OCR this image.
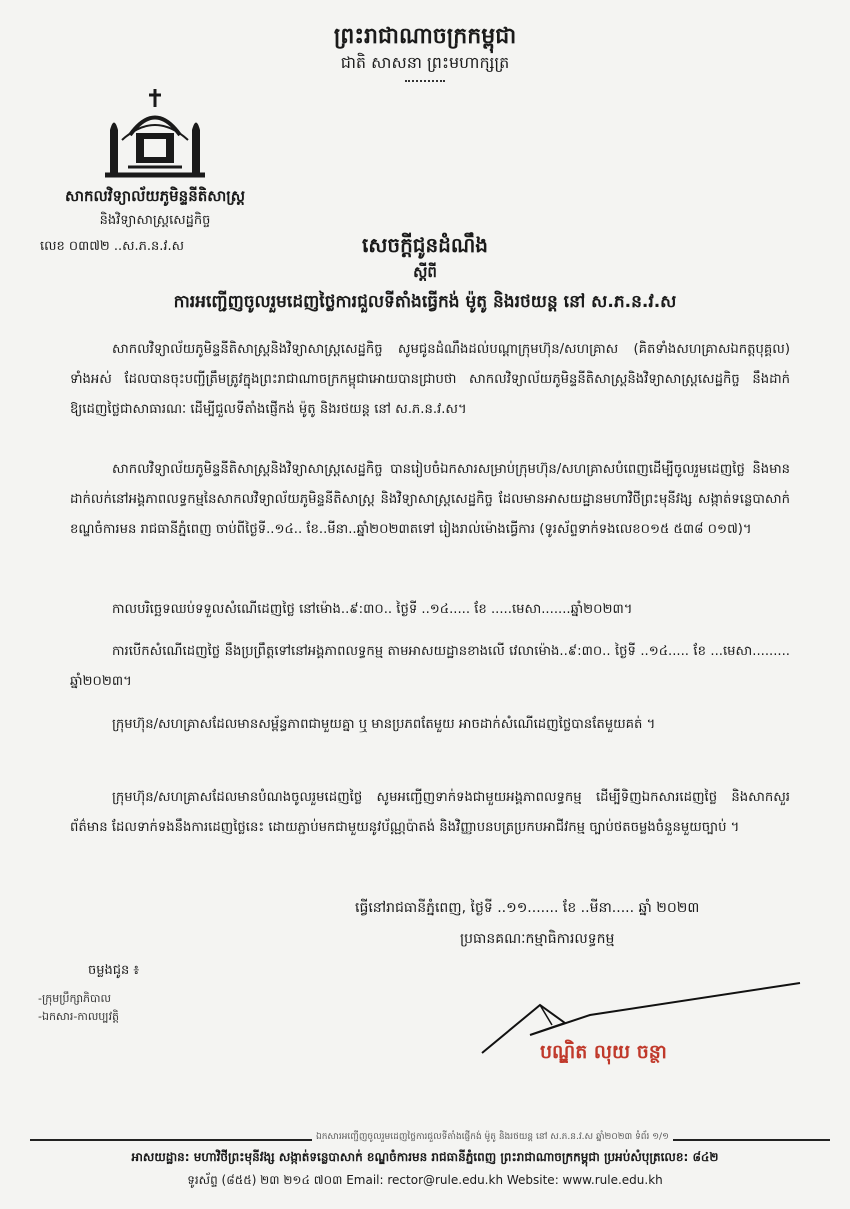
ព្រះរាជាណាចក្រកម្ពុជា
ជាតិ សាសនា ព្រះមហាក្សត្រ
សាកលវិទ្យាល័យភូមិន្ទនីតិសាស្ត្រ
និងវិទ្យាសាស្ត្រសេដ្ឋកិច្ច
លេខ ០៣៧២ ..ស.ភ.ន.វ.ស	សេចក្តីជូនដំណឹង
ស្តីពី
ការអញ្ជើញចូលរួមដេញថ្លៃការជួលទីតាំងធ្វើកង់ ម៉ូតូ និងរថយន្ត នៅ ស.ភ.ន.វ.ស
សាកលវិទ្យាល័យភូមិន្ទនីតិសាស្ត្រនិងវិទ្យាសាស្ត្រសេដ្ឋកិច្ច សូមជូនដំណឹងដល់បណ្តាក្រុមហ៊ុន/សហគ្រាស (គិតទាំងសហគ្រាសឯកត្តបុគ្គល) ទាំងអស់ ដែលបានចុះបញ្ជីត្រឹមត្រូវក្នុងព្រះរាជាណាចក្រកម្ពុជាអោយបានជ្រាបថា សាកលវិទ្យាល័យភូមិន្ទនីតិសាស្ត្រនិងវិទ្យាសាស្ត្រសេដ្ឋកិច្ច នឹងដាក់ឱ្យដេញថ្លៃជាសាធារណៈ ដើម្បីជួលទីតាំងផ្ញើកង់ ម៉ូតូ និងរថយន្ត នៅ ស.ភ.ន.វ.ស។
សាកលវិទ្យាល័យភូមិន្ទនីតិសាស្ត្រនិងវិទ្យាសាស្ត្រសេដ្ឋកិច្ច បានរៀបចំឯកសារសម្រាប់ក្រុមហ៊ុន/សហគ្រាសបំពេញដើម្បីចូលរួមដេញថ្លៃ និងមានដាក់លក់នៅអង្គភាពលទ្ធកម្មនៃសាកលវិទ្យាល័យភូមិន្ទនីតិសាស្ត្រ និងវិទ្យាសាស្ត្រសេដ្ឋកិច្ច ដែលមានអាសយដ្ឋានមហាវិថីព្រះមុនីវង្ស សង្កាត់ទន្លេបាសាក់ ខណ្ឌចំការមន រាជធានីភ្នំពេញ ចាប់ពីថ្ងៃទី..១៤.. ខែ..មីនា..ឆ្នាំ២០២៣តទៅ រៀងរាល់ម៉ោងធ្វើការ (ទូរស័ព្ទទាក់ទងលេខ០១៥ ៥៣៨ ០១៧)។
កាលបរិច្ឆេទឈប់ទទួលសំណើដេញថ្លៃ នៅម៉ោង..៩:៣០.. ថ្ងៃទី ..១៤..... ខែ .....មេសា.......ឆ្នាំ២០២៣។
ការបើកសំណើដេញថ្លៃ នឹងប្រព្រឹត្តទៅនៅអង្គភាពលទ្ធកម្ម តាមអាសយដ្ឋានខាងលើ វេលាម៉ោង..៩:៣០.. ថ្ងៃទី ..១៤..... ខែ ...មេសា......... ឆ្នាំ២០២៣។
ក្រុមហ៊ុន/សហគ្រាសដែលមានសម្ព័ន្ធភាពជាមួយគ្នា ឬ មានប្រភពតែមួយ អាចដាក់សំណើដេញថ្លៃបានតែមួយគត់ ។
ក្រុមហ៊ុន/សហគ្រាសដែលមានបំណងចូលរួមដេញថ្លៃ សូមអញ្ជើញទាក់ទងជាមួយអង្គភាពលទ្ធកម្ម ដើម្បីទិញឯកសារដេញថ្លៃ និងសាកសួរព័ត៌មាន ដែលទាក់ទងនឹងការដេញថ្លៃនេះ ដោយភ្ជាប់មកជាមួយនូវប័ណ្ណប៉ាតង់ និងវិញ្ញាបនបត្រប្រកបអាជីវកម្ម ច្បាប់ថតចម្លងចំនួនមួយច្បាប់ ។
ធ្វើនៅរាជធានីភ្នំពេញ, ថ្ងៃទី ..១១....... ខែ ..មីនា..... ឆ្នាំ ២០២៣
ប្រធានគណៈកម្មាធិការលទ្ធកម្ម
ចម្លងជូន ៖
-ក្រុមប្រឹក្សាភិបាល
-ឯកសារ-កាលប្បវត្តិ
បណ្ឌិត លុយ ចន្ថា
ឯកសារអញ្ជើញចូលរួមដេញថ្លៃការជួលទីតាំងផ្ញើកង់ ម៉ូតូ និងរថយន្ត នៅ ស.ភ.ន.វ.ស ឆ្នាំ២០២៣ ទំព័រ ១/១
អាសយដ្ឋាន: មហាវិថីព្រះមុនីវង្ស សង្កាត់ទន្លេបាសាក់ ខណ្ឌចំការមន រាជធានីភ្នំពេញ ព្រះរាជាណាចក្រកម្ពុជា ប្រអប់សំបុត្រលេខ: ៨៤២
ទូរស័ព្ទ (៨៥៥) ២៣ ២១៤ ៧០៣ Email: rector@rule.edu.kh Website: www.rule.edu.kh
